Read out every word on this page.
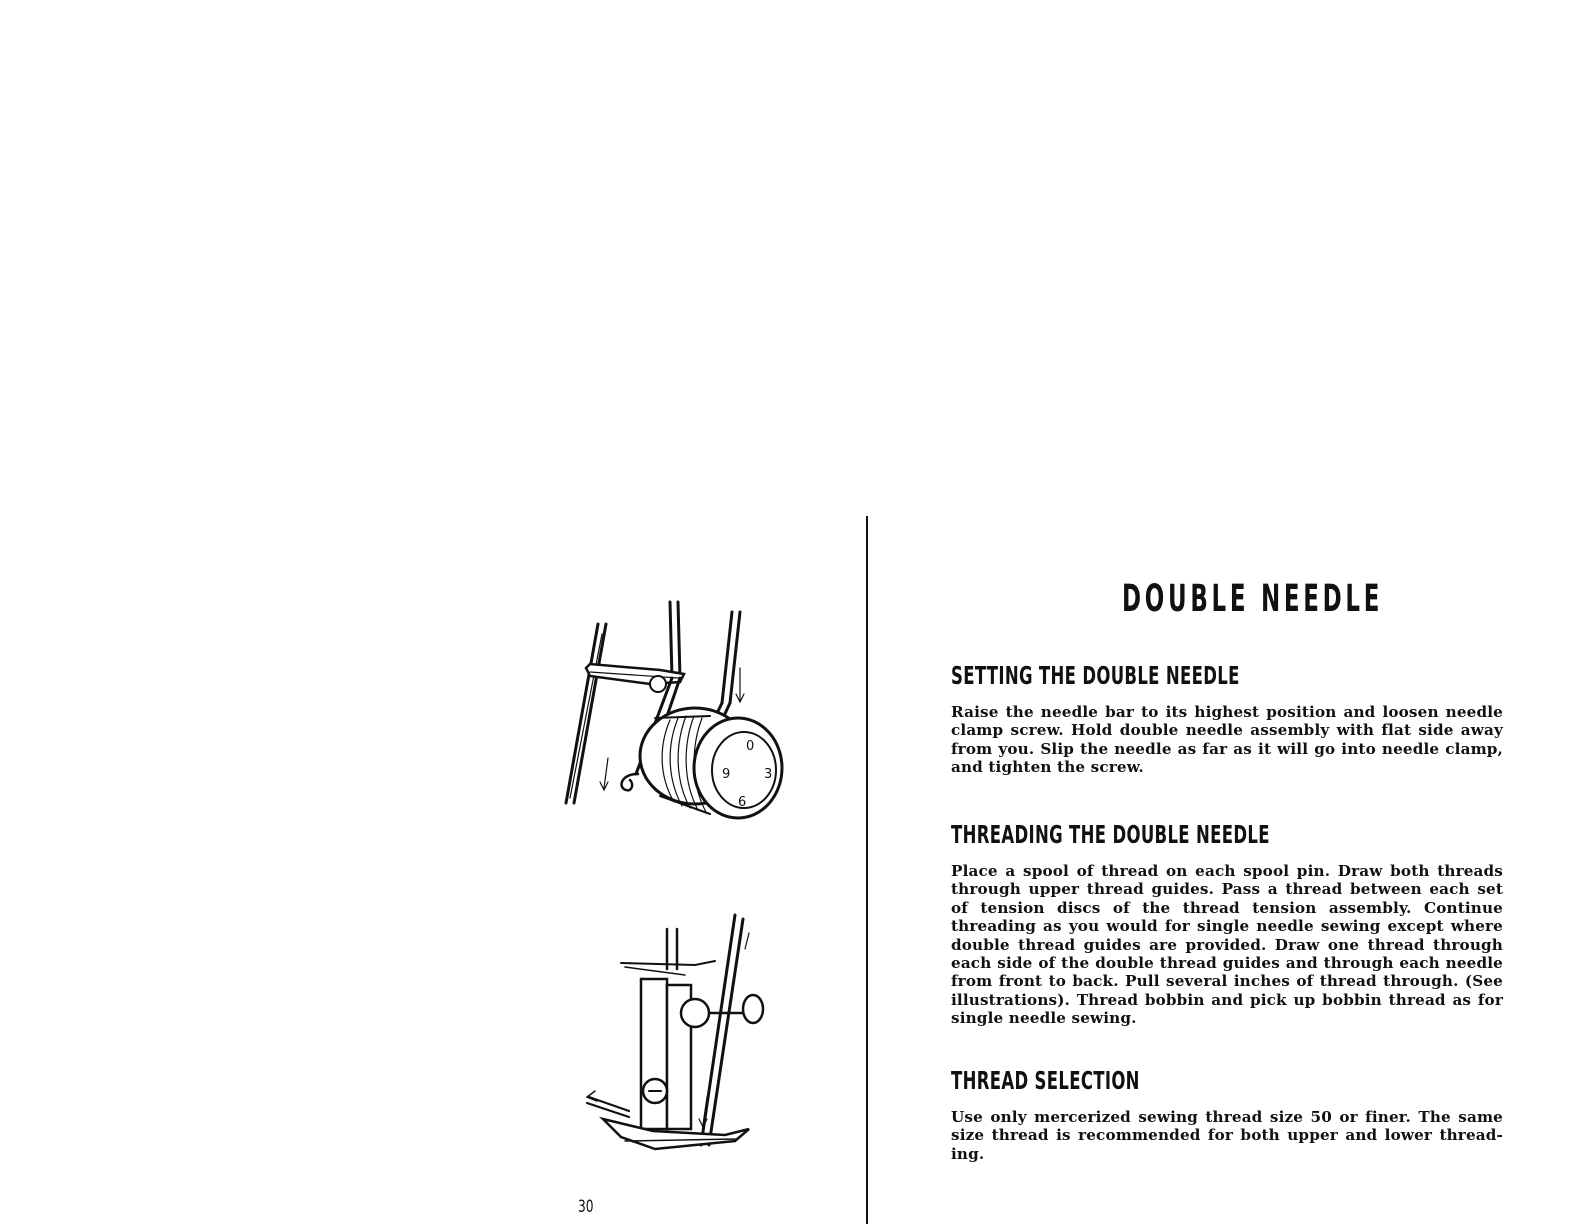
0
3
6
9
30
DOUBLE NEEDLE
SETTING THE DOUBLE NEEDLE

Raise the needle bar to its highest position and loosen needle clamp screw. Hold double needle assembly with flat side away from you. Slip the needle as far as it will go into needle clamp, and tighten the screw.

THREADING THE DOUBLE NEEDLE

Place a spool of thread on each spool pin. Draw both threads through upper thread guides. Pass a thread between each set of tension discs of the thread tension assembly. Continue threading as you would for single needle sewing except where double thread guides are provided. Draw one thread through each side of the double thread guides and through each needle from front to back. Pull several inches of thread through. (See illustrations). Thread bobbin and pick up bobbin thread as for single needle sewing.

THREAD SELECTION

Use only mercerized sewing thread size 50 or finer. The same size thread is recommended for both upper and lower thread-ing.
